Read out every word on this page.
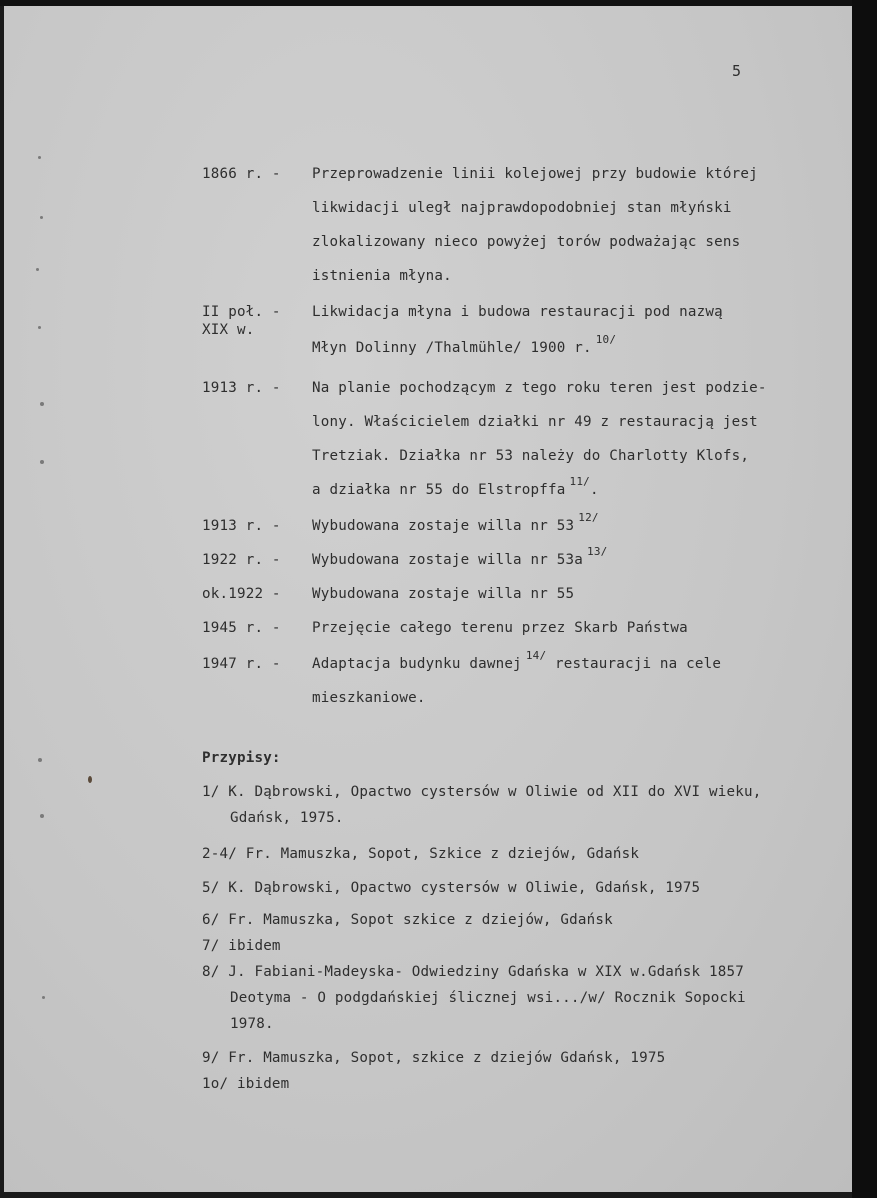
5
1866 r. - Przeprowadzenie linii kolejowej przy budowie której
likwidacji uległ najprawdopodobniej stan młyński
zlokalizowany nieco powyżej torów podważając sens
istnienia młyna.
II poł. -
XIX w.
Likwidacja młyna i budowa restauracji pod nazwą
Młyn Dolinny /Thalmühle/ 1900 r.$^{10/}$
1913 r. - Na planie pochodzącym z tego roku teren jest podzie-
lony. Właścicielem działki nr 49 z restauracją jest
Tretziak. Działka nr 53 należy do Charlotty Klofs,
a działka nr 55 do Elstropffa$^{11/}$.
1913 r. - Wybudowana zostaje willa nr $53^{12/}$
1922 r. - Wybudowana zostaje willa nr $53a^{13/}$
ok.1922 - Wybudowana zostaje willa nr 55
1945 r. - Przejęcie całego terenu przez Skarb Państwa
1947 r. - Adaptacja budynku dawnej$^{14/}$ restauracji na cele
mieszkaniowe.
Przypisy:
1/ K. Dąbrowski, Opactwo cystersów w Oliwie od XII do XVI wieku,
Gdańsk, 1975.
2-4/ Fr. Mamuszka, Sopot, Szkice z dziejów, Gdańsk
5/ K. Dąbrowski, Opactwo cystersów w Oliwie, Gdańsk, 1975
6/ Fr. Mamuszka, Sopot szkice z dziejów, Gdańsk
7/ ibidem
8/ J. Fabiani-Madeyska- Odwiedziny Gdańska w XIX w.Gdańsk 1857
Deotyma - O podgdańskiej ślicznej wsi.../w/ Rocznik Sopocki
1978.
9/ Fr. Mamuszka, Sopot, szkice z dziejów Gdańsk, 1975
1o/ ibidem
